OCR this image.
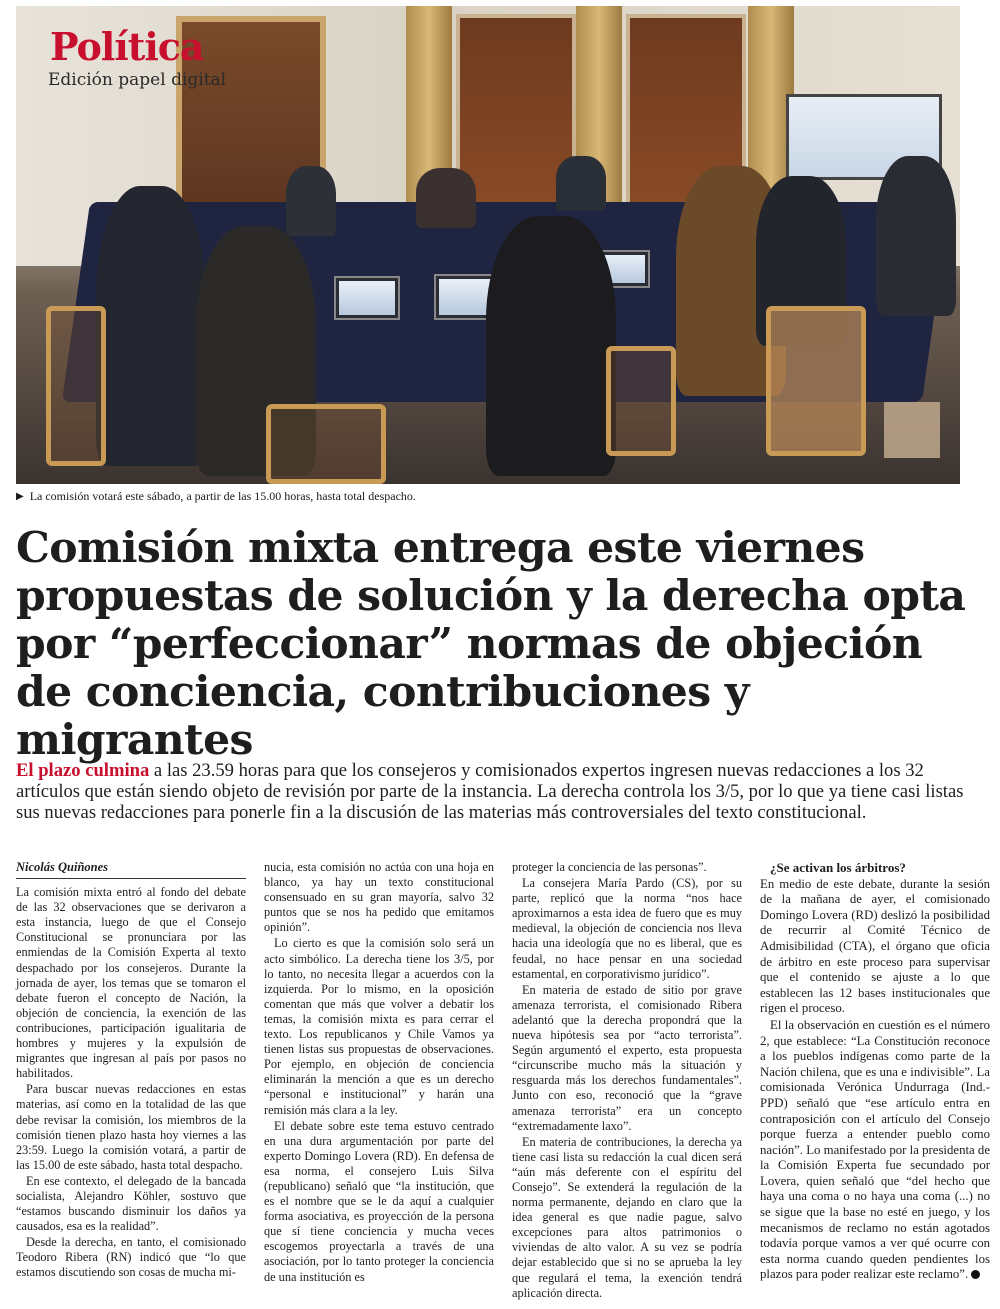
Política
Edición papel digital
▶ La comisión votará este sábado, a partir de las 15.00 horas, hasta total despacho.
Comisión mixta entrega este viernes propuestas de solución y la derecha opta por “perfeccionar” normas de objeción de conciencia, contribuciones y migrantes
El plazo culmina a las 23.59 horas para que los consejeros y comisionados expertos ingresen nuevas redacciones a los 32 artículos que están siendo objeto de revisión por parte de la instancia. La derecha controla los 3/5, por lo que ya tiene casi listas sus nuevas redacciones para ponerle fin a la discusión de las materias más controversiales del texto constitucional.
Nicolás Quiñones

La comisión mixta entró al fondo del debate de las 32 observaciones que se derivaron a esta instancia, luego de que el Consejo Constitucional se pronunciara por las enmiendas de la Comisión Experta al texto despachado por los consejeros. Durante la jornada de ayer, los temas que se tomaron el debate fueron el concepto de Nación, la objeción de conciencia, la exención de las contribuciones, participación igualitaria de hombres y mujeres y la expulsión de migrantes que ingresan al país por pasos no habilitados.

Para buscar nuevas redacciones en estas materias, así como en la totalidad de las que debe revisar la comisión, los miembros de la comisión tienen plazo hasta hoy viernes a las 23:59. Luego la comisión votará, a partir de las 15.00 de este sábado, hasta total despacho.

En ese contexto, el delegado de la bancada socialista, Alejandro Köhler, sostuvo que “estamos buscando disminuir los daños ya causados, esa es la realidad”.

Desde la derecha, en tanto, el comisionado Teodoro Ribera (RN) indicó que “lo que estamos discutiendo son cosas de mucha mi-

nucia, esta comisión no actúa con una hoja en blanco, ya hay un texto constitucional consensuado en su gran mayoría, salvo 32 puntos que se nos ha pedido que emitamos opinión”.

Lo cierto es que la comisión solo será un acto simbólico. La derecha tiene los 3/5, por lo tanto, no necesita llegar a acuerdos con la izquierda. Por lo mismo, en la oposición comentan que más que volver a debatir los temas, la comisión mixta es para cerrar el texto. Los republicanos y Chile Vamos ya tienen listas sus propuestas de observaciones. Por ejemplo, en objeción de conciencia eliminarán la mención a que es un derecho “personal e institucional” y harán una remisión más clara a la ley.

El debate sobre este tema estuvo centrado en una dura argumentación por parte del experto Domingo Lovera (RD). En defensa de esa norma, el consejero Luis Silva (republicano) señaló que “la institución, que es el nombre que se le da aquí a cualquier forma asociativa, es proyección de la persona que sí tiene conciencia y mucha veces escogemos proyectarla a través de una asociación, por lo tanto proteger la conciencia de una institución es

proteger la conciencia de las personas”.

La consejera María Pardo (CS), por su parte, replicó que la norma “nos hace aproximarnos a esta idea de fuero que es muy medieval, la objeción de conciencia nos lleva hacia una ideología que no es liberal, que es feudal, no hace pensar en una sociedad estamental, en corporativismo jurídico”.

En materia de estado de sitio por grave amenaza terrorista, el comisionado Ribera adelantó que la derecha propondrá que la nueva hipótesis sea por “acto terrorista”. Según argumentó el experto, esta propuesta “circunscribe mucho más la situación y resguarda más los derechos fundamentales”. Junto con eso, reconoció que la “grave amenaza terrorista” era un concepto “extremadamente laxo”.

En materia de contribuciones, la derecha ya tiene casi lista su redacción la cual dicen será “aún más deferente con el espíritu del Consejo”. Se extenderá la regulación de la norma permanente, dejando en claro que la idea general es que nadie pague, salvo excepciones para altos patrimonios o viviendas de alto valor. A su vez se podría dejar establecido que si no se aprueba la ley que regulará el tema, la exención tendrá aplicación directa.

¿Se activan los árbitros?

En medio de este debate, durante la sesión de la mañana de ayer, el comisionado Domingo Lovera (RD) deslizó la posibilidad de recurrir al Comité Técnico de Admisibilidad (CTA), el órgano que oficia de árbitro en este proceso para supervisar que el contenido se ajuste a lo que establecen las 12 bases institucionales que rigen el proceso.

El la observación en cuestión es el número 2, que establece: “La Constitución reconoce a los pueblos indígenas como parte de la Nación chilena, que es una e indivisible”. La comisionada Verónica Undurraga (Ind.-PPD) señaló que “ese artículo entra en contraposición con el artículo del Consejo porque fuerza a entender pueblo como nación”. Lo manifestado por la presidenta de la Comisión Experta fue secundado por Lovera, quien señaló que “del hecho que haya una coma o no haya una coma (...) no se sigue que la base no esté en juego, y los mecanismos de reclamo no están agotados todavía porque vamos a ver qué ocurre con esta norma cuando queden pendientes los plazos para poder realizar este reclamo”.
